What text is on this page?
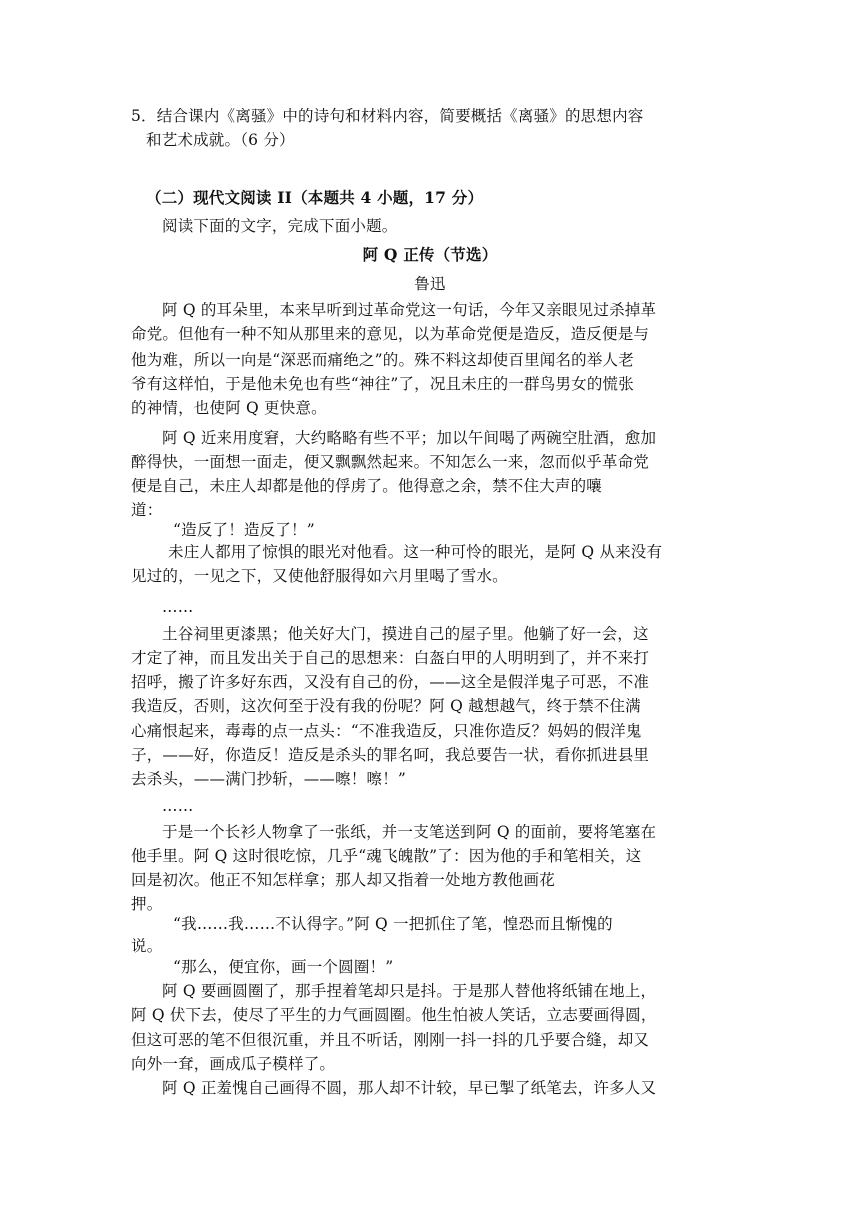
5．结合课内《离骚》中的诗句和材料内容，简要概括《离骚》的思想内容
和艺术成就。（6 分）
（二）现代文阅读 II（本题共 4 小题，17 分）
阅读下面的文字，完成下面小题。
阿 Q 正传（节选）
鲁迅
阿 Q 的耳朵里，本来早听到过革命党这一句话，今年又亲眼见过杀掉革
命党。但他有一种不知从那里来的意见，以为革命党便是造反，造反便是与
他为难，所以一向是“深恶而痛绝之”的。殊不料这却使百里闻名的举人老
爷有这样怕，于是他未免也有些“神往”了，况且未庄的一群鸟男女的慌张
的神情，也使阿 Q 更快意。
阿 Q 近来用度窘，大约略略有些不平；加以午间喝了两碗空肚酒，愈加
醉得快，一面想一面走，便又飘飘然起来。不知怎么一来，忽而似乎革命党
便是自己，未庄人却都是他的俘虏了。他得意之余，禁不住大声的嚷
道：
“造反了！造反了！”
未庄人都用了惊惧的眼光对他看。这一种可怜的眼光，是阿 Q 从来没有
见过的，一见之下，又使他舒服得如六月里喝了雪水。
……
土谷祠里更漆黑；他关好大门，摸进自己的屋子里。他躺了好一会，这
才定了神，而且发出关于自己的思想来：白盔白甲的人明明到了，并不来打
招呼，搬了许多好东西，又没有自己的份，——这全是假洋鬼子可恶，不准
我造反，否则，这次何至于没有我的份呢？阿 Q 越想越气，终于禁不住满
心痛恨起来，毒毒的点一点头：“不准我造反，只准你造反？妈妈的假洋鬼
子，——好，你造反！造反是杀头的罪名呵，我总要告一状，看你抓进县里
去杀头，——满门抄斩，——嚓！嚓！”
……
于是一个长衫人物拿了一张纸，并一支笔送到阿 Q 的面前，要将笔塞在
他手里。阿 Q 这时很吃惊，几乎“魂飞魄散”了：因为他的手和笔相关，这
回是初次。他正不知怎样拿；那人却又指着一处地方教他画花
押。
“我……我……不认得字。”阿 Q 一把抓住了笔，惶恐而且惭愧的
说。
“那么，便宜你，画一个圆圈！”
阿 Q 要画圆圈了，那手捏着笔却只是抖。于是那人替他将纸铺在地上，
阿 Q 伏下去，使尽了平生的力气画圆圈。他生怕被人笑话，立志要画得圆，
但这可恶的笔不但很沉重，并且不听话，刚刚一抖一抖的几乎要合缝，却又
向外一耷，画成瓜子模样了。
阿 Q 正羞愧自己画得不圆，那人却不计较，早已掣了纸笔去，许多人又
